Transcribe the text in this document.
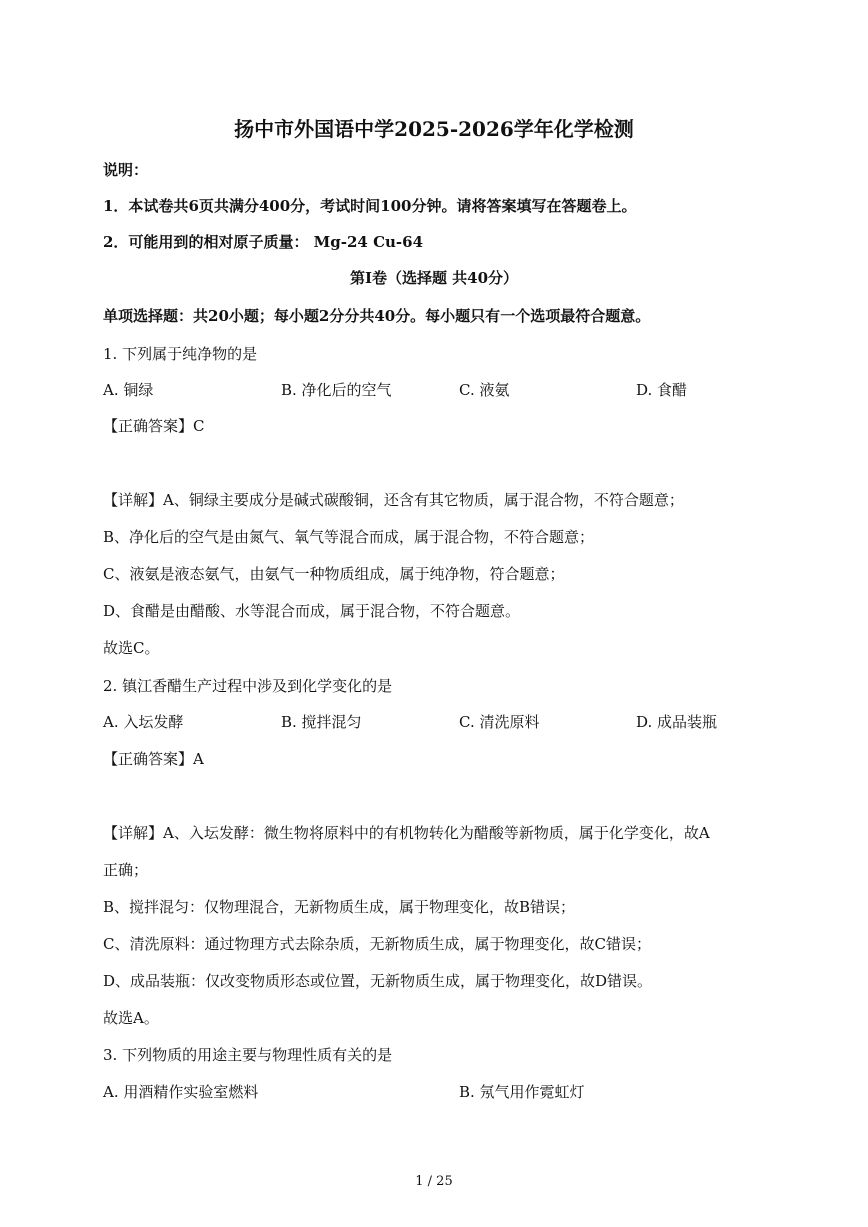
扬中市外国语中学2025-2026学年化学检测
说明：
1．本试卷共6页共满分400分，考试时间100分钟。请将答案填写在答题卷上。
2．可能用到的相对原子质量： Mg-24 Cu-64
第I卷（选择题 共40分）
单项选择题：共20小题；每小题2分分共40分。每小题只有一个选项最符合题意。
1. 下列属于纯净物的是
A. 铜绿	B. 净化后的空气	C. 液氨	D. 食醋
【正确答案】C
【详解】A、铜绿主要成分是碱式碳酸铜，还含有其它物质，属于混合物，不符合题意；
B、净化后的空气是由氮气、氧气等混合而成，属于混合物，不符合题意；
C、液氨是液态氨气，由氨气一种物质组成，属于纯净物，符合题意；
D、食醋是由醋酸、水等混合而成，属于混合物，不符合题意。
故选C。
2. 镇江香醋生产过程中涉及到化学变化的是
A. 入坛发酵	B. 搅拌混匀	C. 清洗原料	D. 成品装瓶
【正确答案】A
【详解】A、入坛发酵：微生物将原料中的有机物转化为醋酸等新物质，属于化学变化，故A
正确；
B、搅拌混匀：仅物理混合，无新物质生成，属于物理变化，故B错误；
C、清洗原料：通过物理方式去除杂质，无新物质生成，属于物理变化，故C错误；
D、成品装瓶：仅改变物质形态或位置，无新物质生成，属于物理变化，故D错误。
故选A。
3. 下列物质的用途主要与物理性质有关的是
A. 用酒精作实验室燃料	B. 氖气用作霓虹灯
1 / 25
